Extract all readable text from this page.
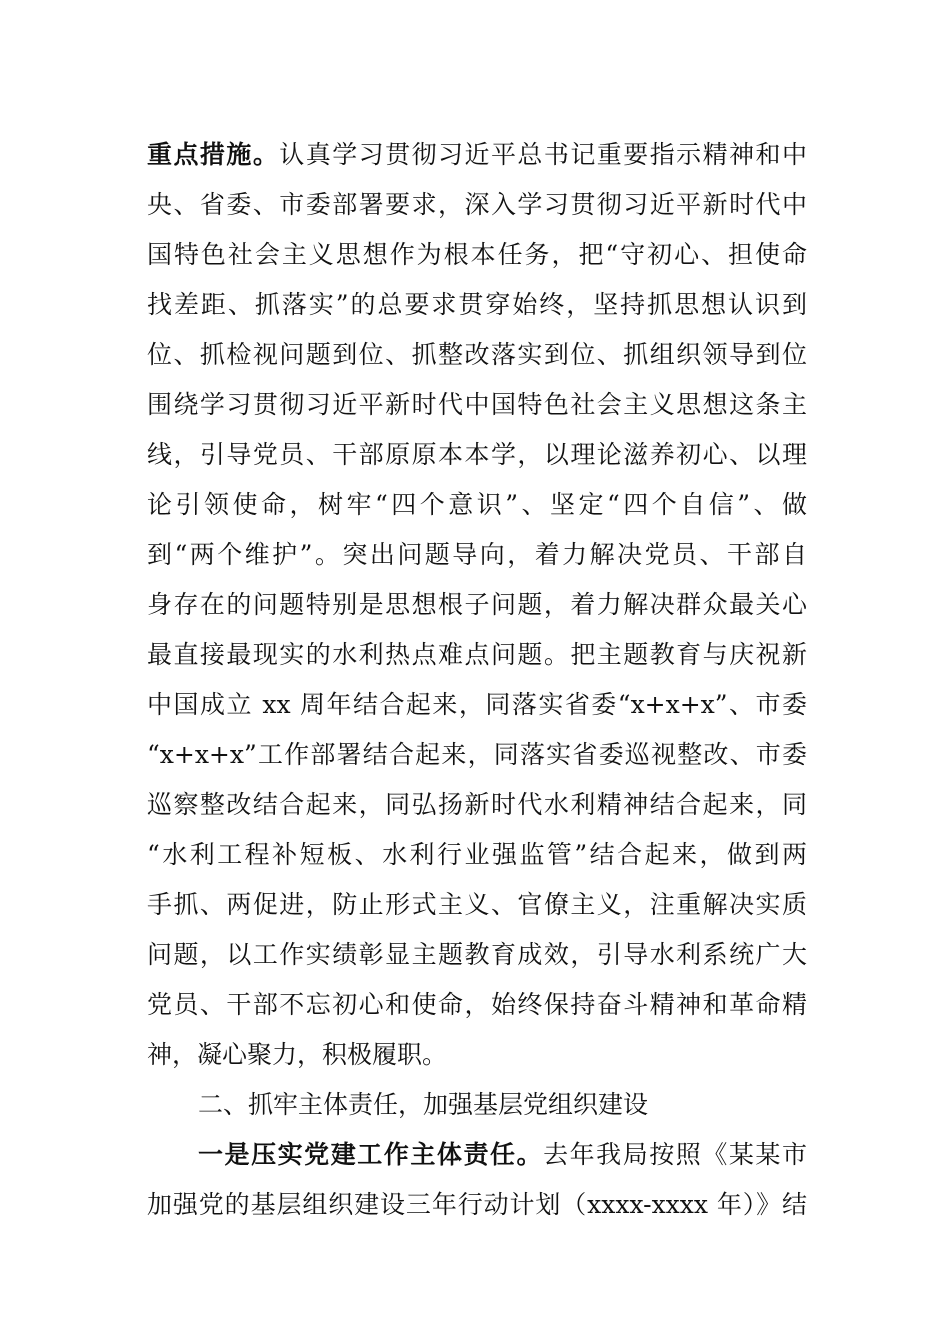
重点措施。认真学习贯彻习近平总书记重要指示精神和中
央、省委、市委部署要求，深入学习贯彻习近平新时代中
国特色社会主义思想作为根本任务，把“守初心、担使命
找差距、抓落实”的总要求贯穿始终，坚持抓思想认识到
位、抓检视问题到位、抓整改落实到位、抓组织领导到位
围绕学习贯彻习近平新时代中国特色社会主义思想这条主
线，引导党员、干部原原本本学，以理论滋养初心、以理
论引领使命，树牢“四个意识”、坚定“四个自信”、做
到“两个维护”。突出问题导向，着力解决党员、干部自
身存在的问题特别是思想根子问题，着力解决群众最关心
最直接最现实的水利热点难点问题。把主题教育与庆祝新
中国成立 xx 周年结合起来，同落实省委“x+x+x”、市委
“x+x+x”工作部署结合起来，同落实省委巡视整改、市委
巡察整改结合起来，同弘扬新时代水利精神结合起来，同
“水利工程补短板、水利行业强监管”结合起来，做到两
手抓、两促进，防止形式主义、官僚主义，注重解决实质
问题，以工作实绩彰显主题教育成效，引导水利系统广大
党员、干部不忘初心和使命，始终保持奋斗精神和革命精
神，凝心聚力，积极履职。
二、抓牢主体责任，加强基层党组织建设
一是压实党建工作主体责任。去年我局按照《某某市
加强党的基层组织建设三年行动计划（xxxx-xxxx 年）》结
